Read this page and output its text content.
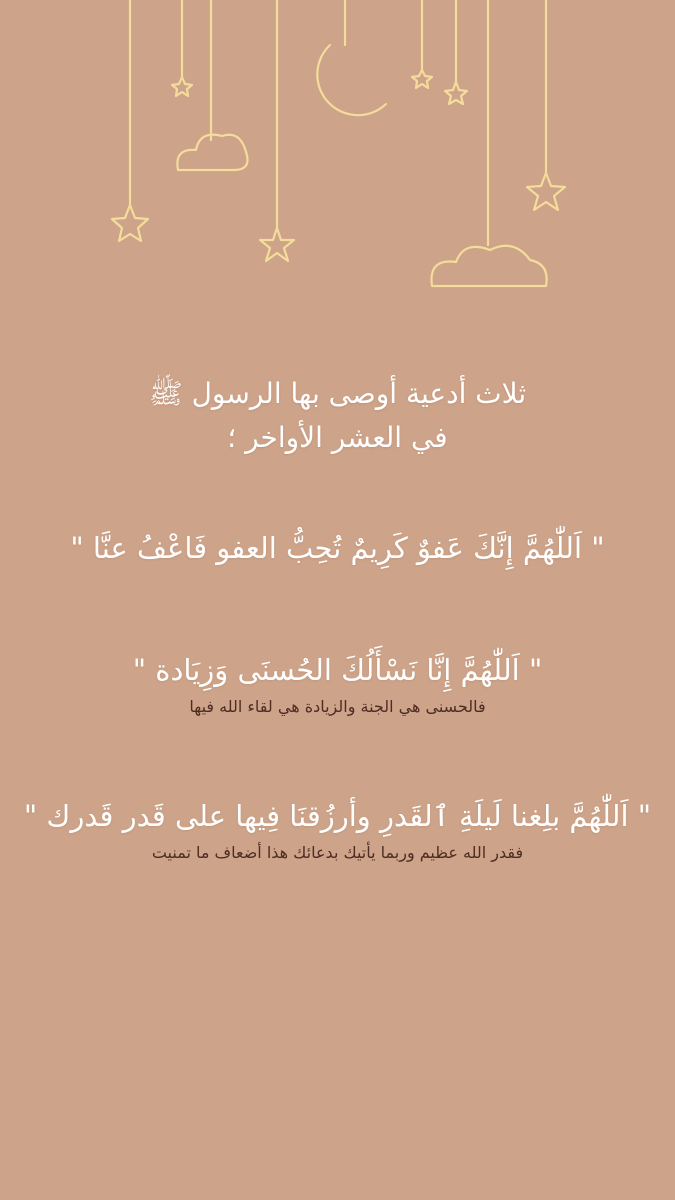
ثلاث أدعية أوصى بها الرسول ﷺ
في العشر الأواخر ؛
" اَللّٰهُمَّ إِنَّكَ عَفوٌ كَرِيمٌ تُحِبُّ العفو فَاعْفُ عنَّا "
" اَللّٰهُمَّ إِنَّا نَسْأَلُكَ الحُسنَى وَزِيَادة "
فالحسنى هي الجنة والزيادة هي لقاء الله فيها
" اَللّٰهُمَّ بلِغنا لَيلَةِ ٱلقَدرِ وأرزُقنَا فِيها على قَدر قَدرك "
فقدر الله عظيم وربما يأتيك بدعائك هذا أضعاف ما تمنيت
